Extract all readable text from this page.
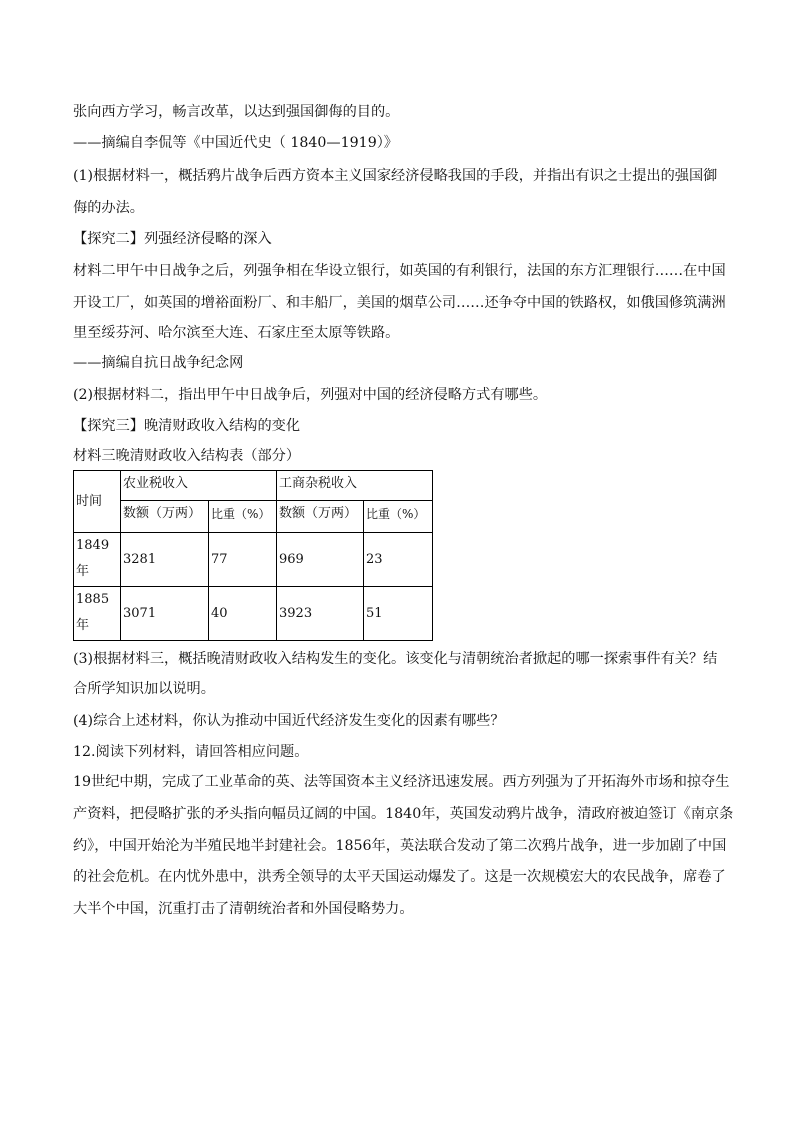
张向西方学习，畅言改革，以达到强国御侮的目的。
——摘编自李侃等《中国近代史（ 1840—1919）》
(1)根据材料一，概括鸦片战争后西方资本主义国家经济侵略我国的手段，并指出有识之士提出的强国御
侮的办法。
【探究二】列强经济侵略的深入
材料二甲午中日战争之后，列强争相在华设立银行，如英国的有利银行，法国的东方汇理银行……在中国
开设工厂，如英国的增裕面粉厂、和丰船厂，美国的烟草公司……还争夺中国的铁路权，如俄国修筑满洲
里至绥芬河、哈尔滨至大连、石家庄至太原等铁路。
——摘编自抗日战争纪念网
(2)根据材料二，指出甲午中日战争后，列强对中国的经济侵略方式有哪些。
【探究三】晚清财政收入结构的变化
材料三晚清财政收入结构表（部分）
时间	农业税收入		工商杂税收入	
	数额（万两）	比重（%）	数额（万两）	比重（%）
1849年	3281	77	969	23
1885年	3071	40	3923	51
(3)根据材料三，概括晚清财政收入结构发生的变化。该变化与清朝统治者掀起的哪一探索事件有关？结
合所学知识加以说明。
(4)综合上述材料，你认为推动中国近代经济发生变化的因素有哪些？
12.阅读下列材料，请回答相应问题。
19世纪中期，完成了工业革命的英、法等国资本主义经济迅速发展。西方列强为了开拓海外市场和掠夺生
产资料，把侵略扩张的矛头指向幅员辽阔的中国。1840年，英国发动鸦片战争，清政府被迫签订《南京条
约》，中国开始沦为半殖民地半封建社会。1856年，英法联合发动了第二次鸦片战争，进一步加剧了中国
的社会危机。在内忧外患中，洪秀全领导的太平天国运动爆发了。这是一次规模宏大的农民战争，席卷了
大半个中国，沉重打击了清朝统治者和外国侵略势力。
